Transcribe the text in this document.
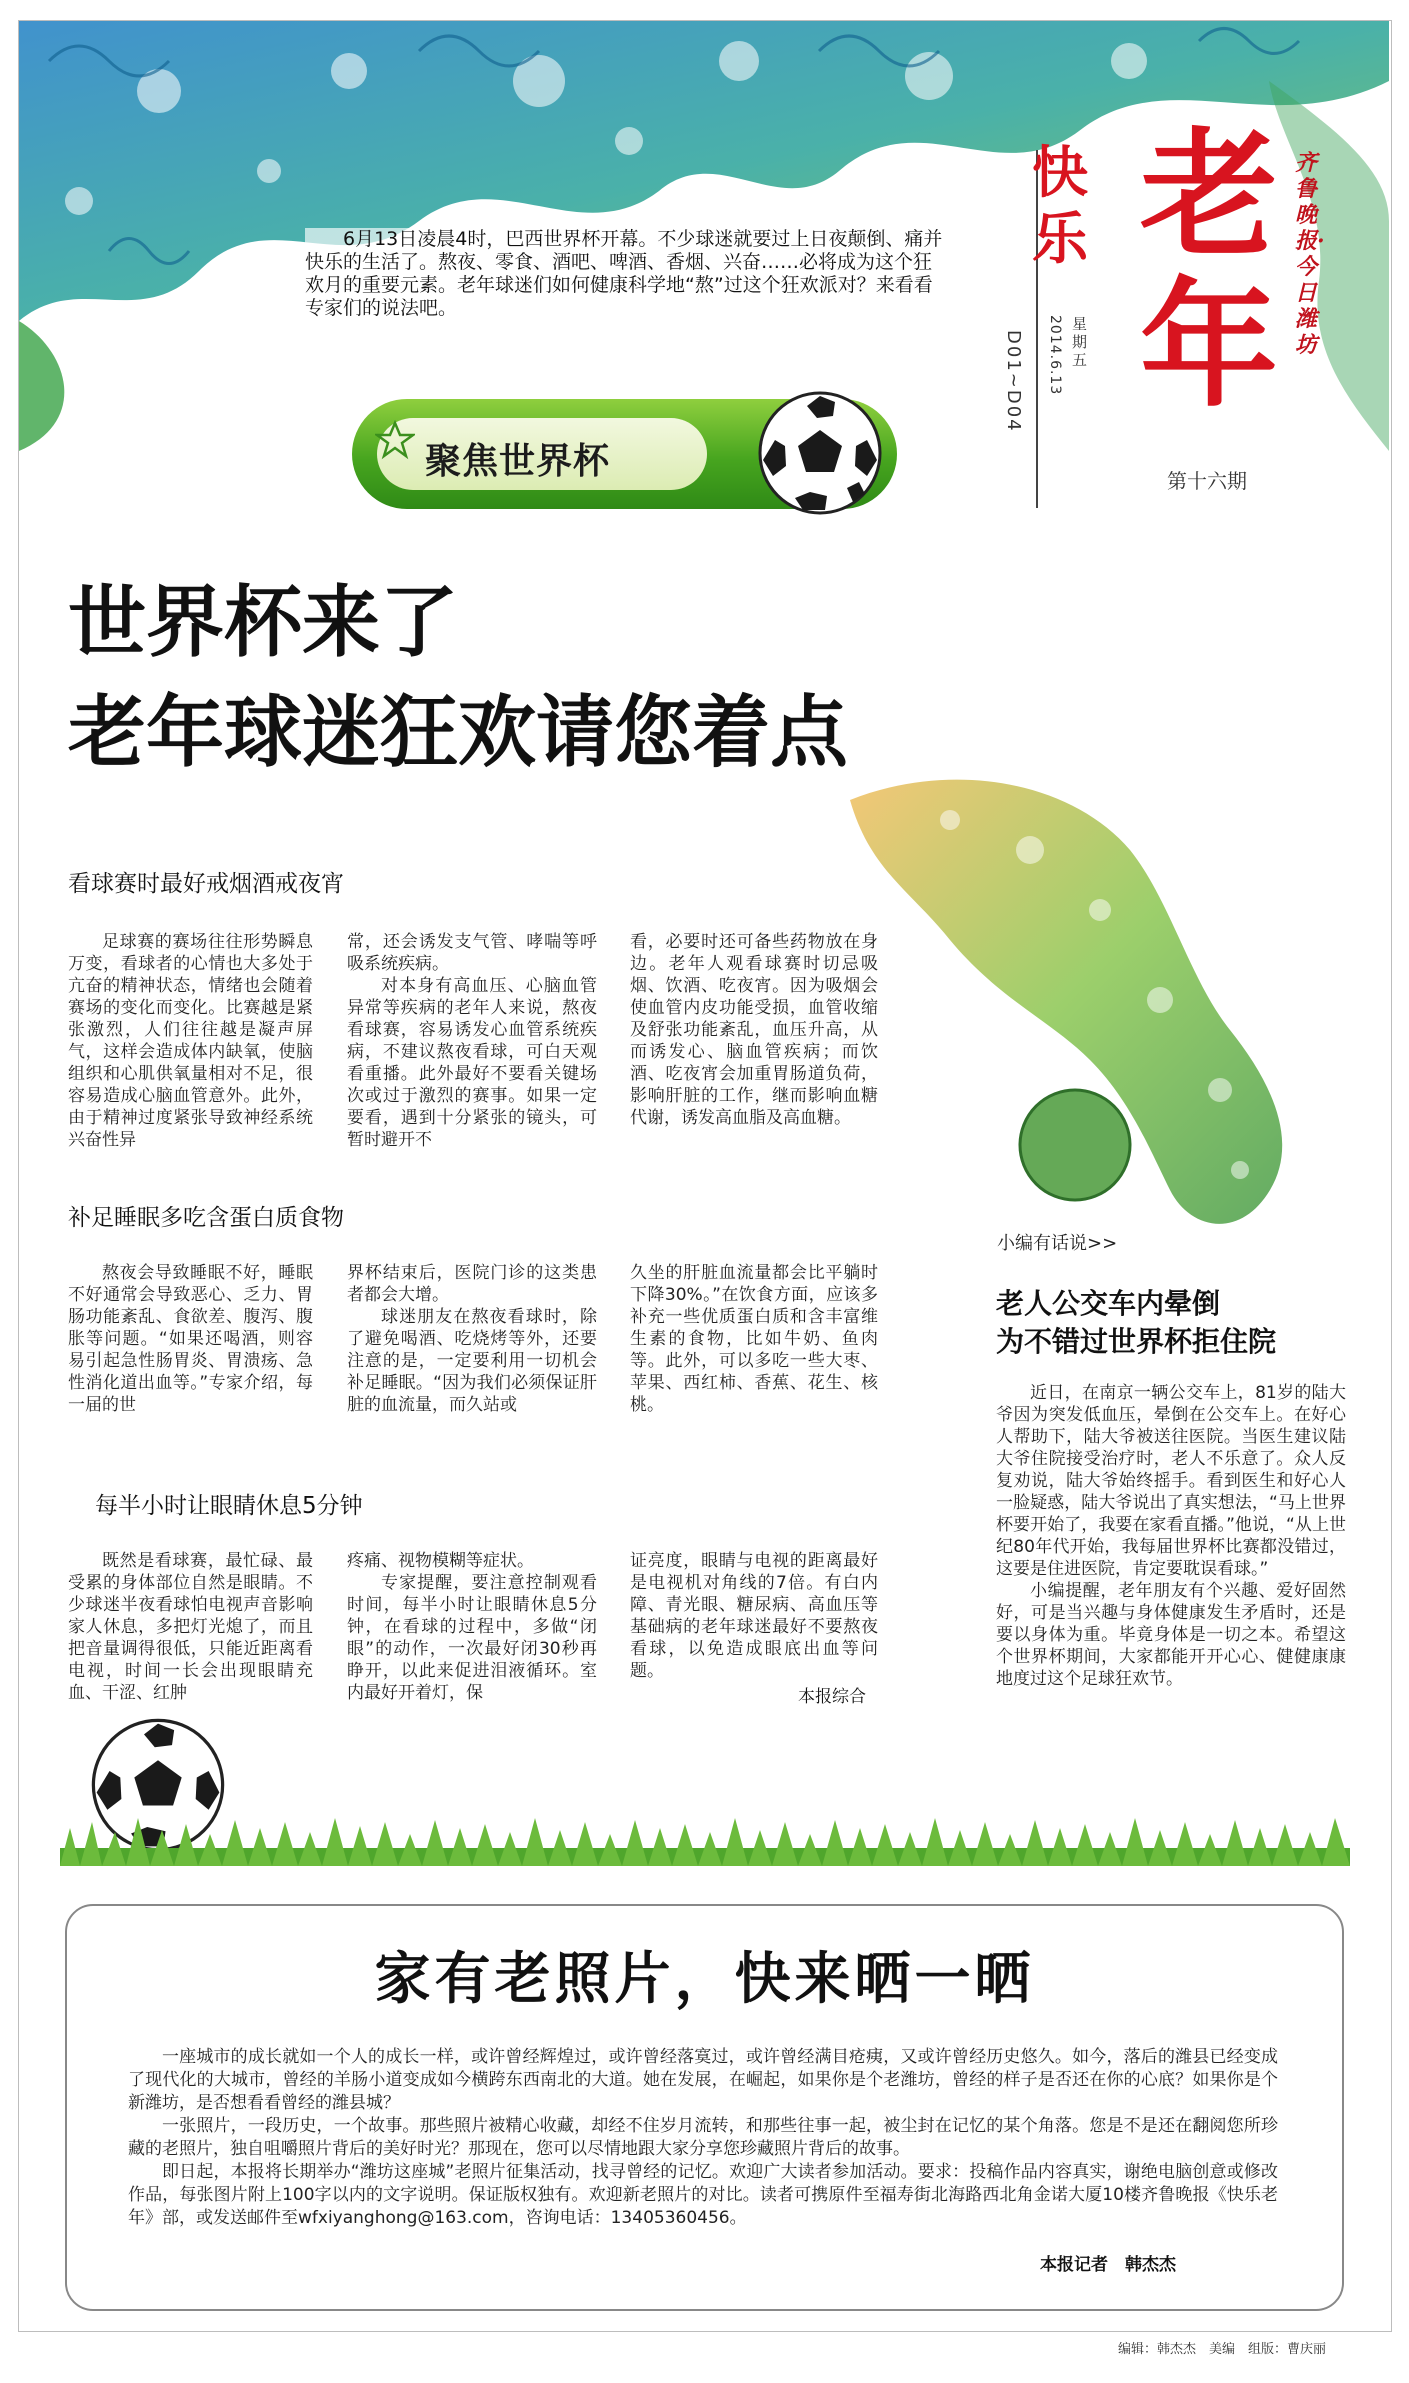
快乐 老年
齐鲁晚报·今日潍坊
星期五
2014.6.13
D01~D04
第十六期

6月13日凌晨4时，巴西世界杯开幕。不少球迷就要过上日夜颠倒、痛并快乐的生活了。熬夜、零食、酒吧、啤酒、香烟、兴奋……必将成为这个狂欢月的重要元素。老年球迷们如何健康科学地“熬”过这个狂欢派对？来看看专家们的说法吧。

聚焦世界杯
世界杯来了
老年球迷狂欢请您着点
看球赛时最好戒烟酒戒夜宵

足球赛的赛场往往形势瞬息万变，看球者的心情也大多处于亢奋的精神状态，情绪也会随着赛场的变化而变化。比赛越是紧张激烈，人们往往越是凝声屏气，这样会造成体内缺氧，使脑组织和心肌供氧量相对不足，很容易造成心脑血管意外。此外，由于精神过度紧张导致神经系统兴奋性异

常，还会诱发支气管、哮喘等呼吸系统疾病。

对本身有高血压、心脑血管异常等疾病的老年人来说，熬夜看球赛，容易诱发心血管系统疾病，不建议熬夜看球，可白天观看重播。此外最好不要看关键场次或过于激烈的赛事。如果一定要看，遇到十分紧张的镜头，可暂时避开不

看，必要时还可备些药物放在身边。老年人观看球赛时切忌吸烟、饮酒、吃夜宵。因为吸烟会使血管内皮功能受损，血管收缩及舒张功能紊乱，血压升高，从而诱发心、脑血管疾病；而饮酒、吃夜宵会加重胃肠道负荷，影响肝脏的工作，继而影响血糖代谢，诱发高血脂及高血糖。

补足睡眠多吃含蛋白质食物

熬夜会导致睡眠不好，睡眠不好通常会导致恶心、乏力、胃肠功能紊乱、食欲差、腹泻、腹胀等问题。“如果还喝酒，则容易引起急性肠胃炎、胃溃疡、急性消化道出血等。”专家介绍，每一届的世

界杯结束后，医院门诊的这类患者都会大增。

球迷朋友在熬夜看球时，除了避免喝酒、吃烧烤等外，还要注意的是，一定要利用一切机会补足睡眠。“因为我们必须保证肝脏的血流量，而久站或

久坐的肝脏血流量都会比平躺时下降30%。”在饮食方面，应该多补充一些优质蛋白质和含丰富维生素的食物，比如牛奶、鱼肉等。此外，可以多吃一些大枣、苹果、西红柿、香蕉、花生、核桃。

每半小时让眼睛休息5分钟

既然是看球赛，最忙碌、最受累的身体部位自然是眼睛。不少球迷半夜看球怕电视声音影响家人休息，多把灯光熄了，而且把音量调得很低，只能近距离看电视，时间一长会出现眼睛充血、干涩、红肿

疼痛、视物模糊等症状。

专家提醒，要注意控制观看时间，每半小时让眼睛休息5分钟，在看球的过程中，多做“闭眼”的动作，一次最好闭30秒再睁开，以此来促进泪液循环。室内最好开着灯，保

证亮度，眼睛与电视的距离最好是电视机对角线的7倍。有白内障、青光眼、糖尿病、高血压等基础病的老年球迷最好不要熬夜看球，以免造成眼底出血等问题。

本报综合
小编有话说>>
老人公交车内晕倒
为不错过世界杯拒住院

近日，在南京一辆公交车上，81岁的陆大爷因为突发低血压，晕倒在公交车上。在好心人帮助下，陆大爷被送往医院。当医生建议陆大爷住院接受治疗时，老人不乐意了。众人反复劝说，陆大爷始终摇手。看到医生和好心人一脸疑惑，陆大爷说出了真实想法，“马上世界杯要开始了，我要在家看直播。”他说，“从上世纪80年代开始，我每届世界杯比赛都没错过，这要是住进医院，肯定要耽误看球。”

小编提醒，老年朋友有个兴趣、爱好固然好，可是当兴趣与身体健康发生矛盾时，还是要以身体为重。毕竟身体是一切之本。希望这个世界杯期间，大家都能开开心心、健健康康地度过这个足球狂欢节。

家有老照片，快来晒一晒

一座城市的成长就如一个人的成长一样，或许曾经辉煌过，或许曾经落寞过，或许曾经满目疮痍，又或许曾经历史悠久。如今，落后的潍县已经变成了现代化的大城市，曾经的羊肠小道变成如今横跨东西南北的大道。她在发展，在崛起，如果你是个老潍坊，曾经的样子是否还在你的心底？如果你是个新潍坊，是否想看看曾经的潍县城？

一张照片，一段历史，一个故事。那些照片被精心收藏，却经不住岁月流转，和那些往事一起，被尘封在记忆的某个角落。您是不是还在翻阅您所珍藏的老照片，独自咀嚼照片背后的美好时光？那现在，您可以尽情地跟大家分享您珍藏照片背后的故事。

即日起，本报将长期举办“潍坊这座城”老照片征集活动，找寻曾经的记忆。欢迎广大读者参加活动。要求：投稿作品内容真实，谢绝电脑创意或修改作品，每张图片附上100字以内的文字说明。保证版权独有。欢迎新老照片的对比。读者可携原件至福寿街北海路西北角金诺大厦10楼齐鲁晚报《快乐老年》部，或发送邮件至wfxiyanghong@163.com，咨询电话：13405360456。

本报记者　韩杰杰
编辑：韩杰杰　美编　组版：曹庆丽
